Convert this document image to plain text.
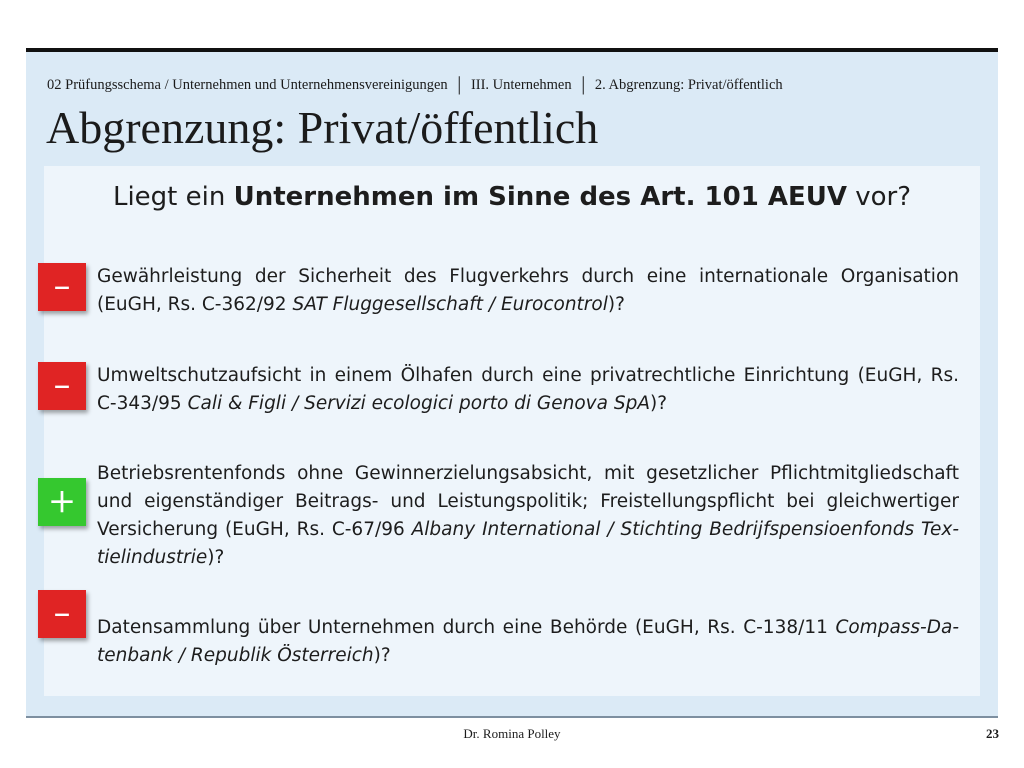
02 Prüfungsschema / Unternehmen und Unternehmensvereinigungen | III. Unternehmen | 2. Abgrenzung: Privat/öffentlich
Abgrenzung: Privat/öffentlich
Liegt ein Unternehmen im Sinne des Art. 101 AEUV vor?
–	Gewährleistung der Sicherheit des Flugverkehrs durch eine internationale Organisation (EuGH, Rs. C-362/92 SAT Fluggesellschaft / Eurocontrol)?
–	Umweltschutzaufsicht in einem Ölhafen durch eine privatrechtliche Einrichtung (EuGH, Rs. C-343/95 Cali & Figli / Servizi ecologici porto di Genova SpA)?
+
Betriebsrentenfonds ohne Gewinnerzielungsabsicht, mit gesetzlicher Pflichtmitgliedschaft und eigenständiger Beitrags- und Leistungspolitik; Freistellungspflicht bei gleichwertiger Versicherung (EuGH, Rs. C-67/96 Albany International / Stichting Bedrijfspensioenfonds Textielindustrie)?
–	Datensammlung über Unternehmen durch eine Behörde (EuGH, Rs. C-138/11 Compass-Datenbank / Republik Österreich)?
Dr. Romina Polley	23
